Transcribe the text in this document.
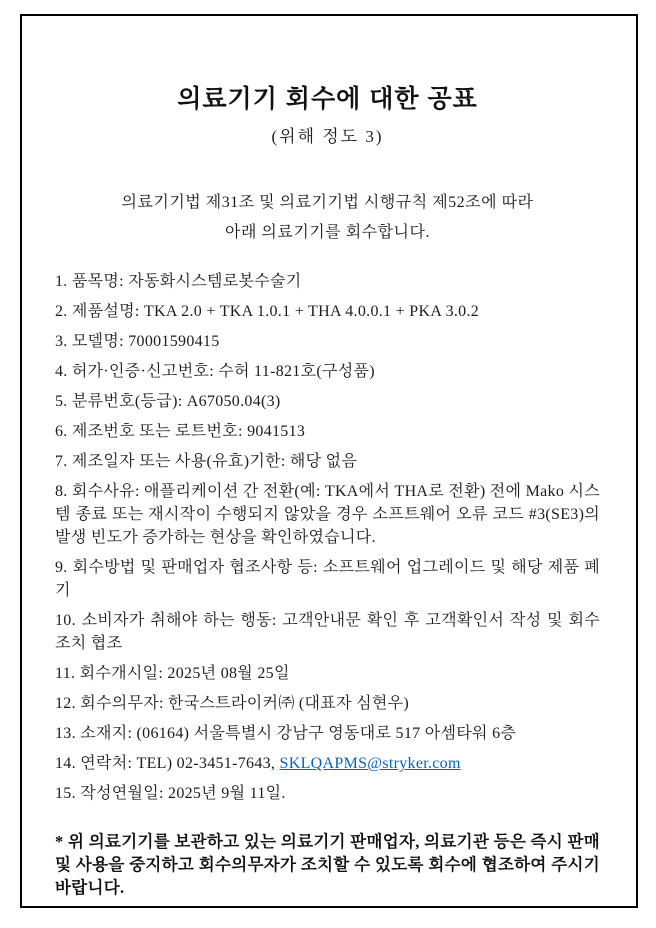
의료기기 회수에 대한 공표
(위해 정도 3)
의료기기법 제31조 및 의료기기법 시행규칙 제52조에 따라
아래 의료기기를 회수합니다.
1. 품목명: 자동화시스템로봇수술기
2. 제품설명: TKA 2.0 + TKA 1.0.1 + THA 4.0.0.1 + PKA 3.0.2
3. 모델명: 70001590415
4. 허가·인증·신고번호: 수허 11-821호(구성품)
5. 분류번호(등급): A67050.04(3)
6. 제조번호 또는 로트번호: 9041513
7. 제조일자 또는 사용(유효)기한: 해당 없음
8. 회수사유: 애플리케이션 간 전환(예: TKA에서 THA로 전환) 전에 Mako 시스템 종료 또는 재시작이 수행되지 않았을 경우 소프트웨어 오류 코드 #3(SE3)의 발생 빈도가 증가하는 현상을 확인하였습니다.
9. 회수방법 및 판매업자 협조사항 등: 소프트웨어 업그레이드 및 해당 제품 폐기
10. 소비자가 취해야 하는 행동: 고객안내문 확인 후 고객확인서 작성 및 회수조치 협조
11. 회수개시일: 2025년 08월 25일
12. 회수의무자: 한국스트라이커㈜ (대표자 심현우)
13. 소재지: (06164) 서울특별시 강남구 영동대로 517 아셈타워 6층
14. 연락처: TEL) 02-3451-7643, SKLQAPMS@stryker.com
15. 작성연월일: 2025년 9월 11일.

* 위 의료기기를 보관하고 있는 의료기기 판매업자, 의료기관 등은 즉시 판매 및 사용을 중지하고 회수의무자가 조치할 수 있도록 회수에 협조하여 주시기 바랍니다.
